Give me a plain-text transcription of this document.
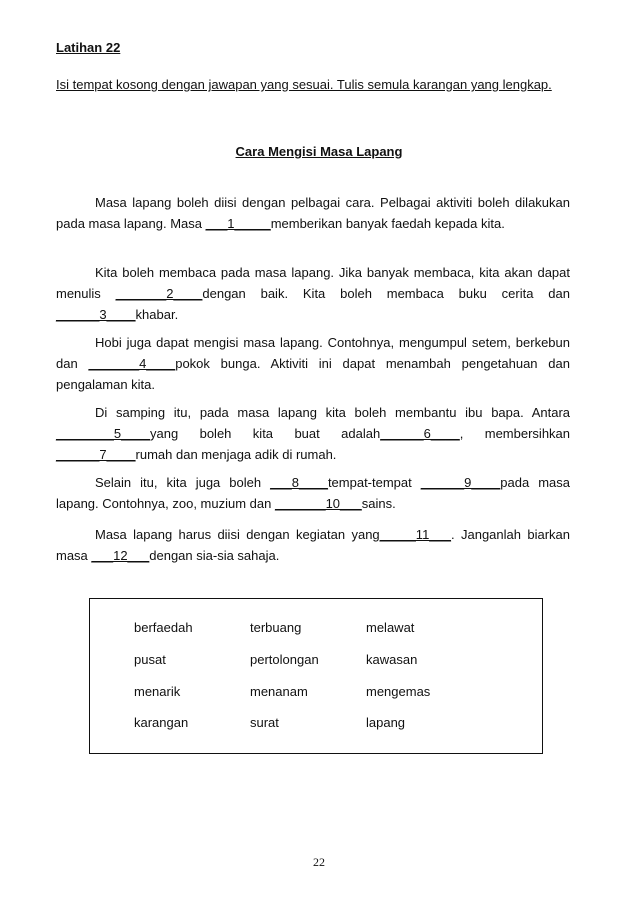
Latihan 22
Isi tempat kosong dengan jawapan yang sesuai. Tulis semula karangan yang lengkap.
Cara Mengisi Masa Lapang

Masa lapang boleh diisi dengan pelbagai cara. Pelbagai aktiviti boleh dilakukan pada masa lapang. Masa ___1_____memberikan banyak faedah kepada kita.

Kita boleh membaca pada masa lapang. Jika banyak membaca, kita akan dapat menulis _______2____dengan baik. Kita boleh membaca buku cerita dan ______3____khabar.

Hobi juga dapat mengisi masa lapang. Contohnya, mengumpul setem, berkebun dan _______4____pokok bunga. Aktiviti ini dapat menambah pengetahuan dan pengalaman kita.

Di samping itu, pada masa lapang kita boleh membantu ibu bapa. Antara ________5____yang boleh kita buat adalah______6____, membersihkan ______7____rumah dan menjaga adik di rumah.

Selain itu, kita juga boleh ___8____tempat-tempat ______9____pada masa lapang. Contohnya, zoo, muzium dan _______10___sains.

Masa lapang harus diisi dengan kegiatan yang_____11___. Janganlah biarkan masa ___12___dengan sia-sia sahaja.

berfaedah	terbuang	melawat
pusat	pertolongan	kawasan
menarik	menanam	mengemas
karangan	surat	lapang
22
